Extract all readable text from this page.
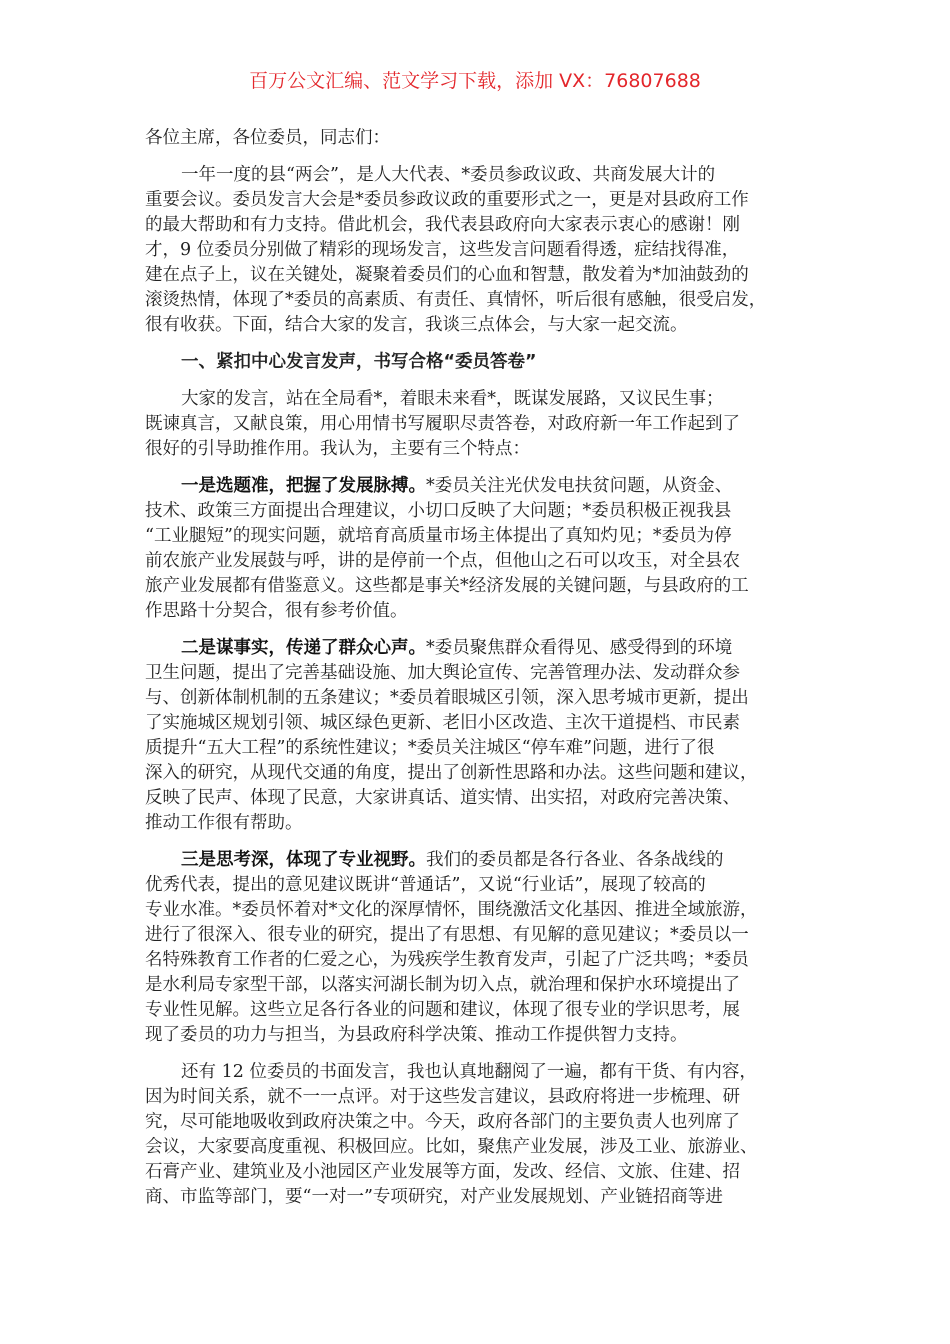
百万公文汇编、范文学习下载，添加 VX：76807688
各位主席，各位委员，同志们：
一年一度的县“两会”，是人大代表、*委员参政议政、共商发展大计的
重要会议。委员发言大会是*委员参政议政的重要形式之一，更是对县政府工作
的最大帮助和有力支持。借此机会，我代表县政府向大家表示衷心的感谢！刚
才，9 位委员分别做了精彩的现场发言，这些发言问题看得透，症结找得准，
建在点子上，议在关键处，凝聚着委员们的心血和智慧，散发着为*加油鼓劲的
滚烫热情，体现了*委员的高素质、有责任、真情怀，听后很有感触，很受启发，
很有收获。下面，结合大家的发言，我谈三点体会，与大家一起交流。
一、紧扣中心发言发声，书写合格“委员答卷”
大家的发言，站在全局看*，着眼未来看*，既谋发展路，又议民生事；
既谏真言，又献良策，用心用情书写履职尽责答卷，对政府新一年工作起到了
很好的引导助推作用。我认为，主要有三个特点：
一是选题准，把握了发展脉搏。*委员关注光伏发电扶贫问题，从资金、
技术、政策三方面提出合理建议，小切口反映了大问题；*委员积极正视我县
“工业腿短”的现实问题，就培育高质量市场主体提出了真知灼见；*委员为停
前农旅产业发展鼓与呼，讲的是停前一个点，但他山之石可以攻玉，对全县农
旅产业发展都有借鉴意义。这些都是事关*经济发展的关键问题，与县政府的工
作思路十分契合，很有参考价值。
二是谋事实，传递了群众心声。*委员聚焦群众看得见、感受得到的环境
卫生问题，提出了完善基础设施、加大舆论宣传、完善管理办法、发动群众参
与、创新体制机制的五条建议；*委员着眼城区引领，深入思考城市更新，提出
了实施城区规划引领、城区绿色更新、老旧小区改造、主次干道提档、市民素
质提升“五大工程”的系统性建议；*委员关注城区“停车难”问题，进行了很
深入的研究，从现代交通的角度，提出了创新性思路和办法。这些问题和建议，
反映了民声、体现了民意，大家讲真话、道实情、出实招，对政府完善决策、
推动工作很有帮助。
三是思考深，体现了专业视野。我们的委员都是各行各业、各条战线的
优秀代表，提出的意见建议既讲“普通话”，又说“行业话”，展现了较高的
专业水准。*委员怀着对*文化的深厚情怀，围绕激活文化基因、推进全域旅游，
进行了很深入、很专业的研究，提出了有思想、有见解的意见建议；*委员以一
名特殊教育工作者的仁爱之心，为残疾学生教育发声，引起了广泛共鸣；*委员
是水利局专家型干部，以落实河湖长制为切入点，就治理和保护水环境提出了
专业性见解。这些立足各行各业的问题和建议，体现了很专业的学识思考，展
现了委员的功力与担当，为县政府科学决策、推动工作提供智力支持。
还有 12 位委员的书面发言，我也认真地翻阅了一遍，都有干货、有内容，
因为时间关系，就不一一点评。对于这些发言建议，县政府将进一步梳理、研
究，尽可能地吸收到政府决策之中。今天，政府各部门的主要负责人也列席了
会议，大家要高度重视、积极回应。比如，聚焦产业发展，涉及工业、旅游业、
石膏产业、建筑业及小池园区产业发展等方面，发改、经信、文旅、住建、招
商、市监等部门，要“一对一”专项研究，对产业发展规划、产业链招商等进
